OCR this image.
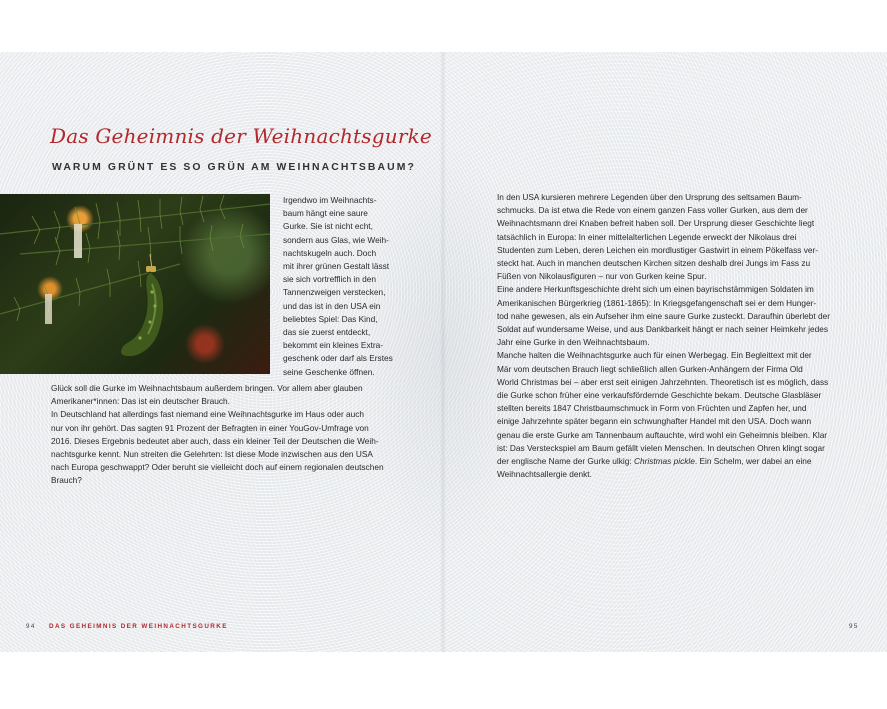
Das Geheimnis der Weihnachtsgurke
WARUM GRÜNT ES SO GRÜN AM WEIHNACHTSBAUM?
Irgendwo im Weihnachts-
baum hängt eine saure
Gurke. Sie ist nicht echt,
sondern aus Glas, wie Weih-
nachtskugeln auch. Doch
mit ihrer grünen Gestalt lässt
sie sich vortrefflich in den
Tannenzweigen verstecken,
und das ist in den USA ein
beliebtes Spiel: Das Kind,
das sie zuerst entdeckt,
bekommt ein kleines Extra-
geschenk oder darf als Erstes
seine Geschenke öffnen.
Glück soll die Gurke im Weihnachtsbaum außerdem bringen. Vor allem aber glauben
Amerikaner*innen: Das ist ein deutscher Brauch.
In Deutschland hat allerdings fast niemand eine Weihnachtsgurke im Haus oder auch
nur von ihr gehört. Das sagten 91 Prozent der Befragten in einer YouGov-Umfrage von
2016. Dieses Ergebnis bedeutet aber auch, dass ein kleiner Teil der Deutschen die Weih-
nachtsgurke kennt. Nun streiten die Gelehrten: Ist diese Mode inzwischen aus den USA
nach Europa geschwappt? Oder beruht sie vielleicht doch auf einem regionalen deutschen
Brauch?
In den USA kursieren mehrere Legenden über den Ursprung des seltsamen Baum-
schmucks. Da ist etwa die Rede von einem ganzen Fass voller Gurken, aus dem der
Weihnachtsmann drei Knaben befreit haben soll. Der Ursprung dieser Geschichte liegt
tatsächlich in Europa: In einer mittelalterlichen Legende erweckt der Nikolaus drei
Studenten zum Leben, deren Leichen ein mordlustiger Gastwirt in einem Pökelfass ver-
steckt hat. Auch in manchen deutschen Kirchen sitzen deshalb drei Jungs im Fass zu
Füßen von Nikolausfiguren – nur von Gurken keine Spur.
Eine andere Herkunftsgeschichte dreht sich um einen bayrischstämmigen Soldaten im
Amerikanischen Bürgerkrieg (1861-1865): In Kriegsgefangenschaft sei er dem Hunger-
tod nahe gewesen, als ein Aufseher ihm eine saure Gurke zusteckt. Daraufhin überlebt der
Soldat auf wundersame Weise, und aus Dankbarkeit hängt er nach seiner Heimkehr jedes
Jahr eine Gurke in den Weihnachtsbaum.
Manche halten die Weihnachtsgurke auch für einen Werbegag. Ein Begleittext mit der
Mär vom deutschen Brauch liegt schließlich allen Gurken-Anhängern der Firma Old
World Christmas bei – aber erst seit einigen Jahrzehnten. Theoretisch ist es möglich, dass
die Gurke schon früher eine verkaufsfördernde Geschichte bekam. Deutsche Glasbläser
stellten bereits 1847 Christbaumschmuck in Form von Früchten und Zapfen her, und
einige Jahrzehnte später begann ein schwunghafter Handel mit den USA. Doch wann
genau die erste Gurke am Tannenbaum auftauchte, wird wohl ein Geheimnis bleiben. Klar
ist: Das Versteckspiel am Baum gefällt vielen Menschen. In deutschen Ohren klingt sogar
der englische Name der Gurke ulkig: Christmas pickle. Ein Schelm, wer dabei an eine
Weihnachtsallergie denkt.
94 DAS GEHEIMNIS DER WEIHNACHTSGURKE	95
